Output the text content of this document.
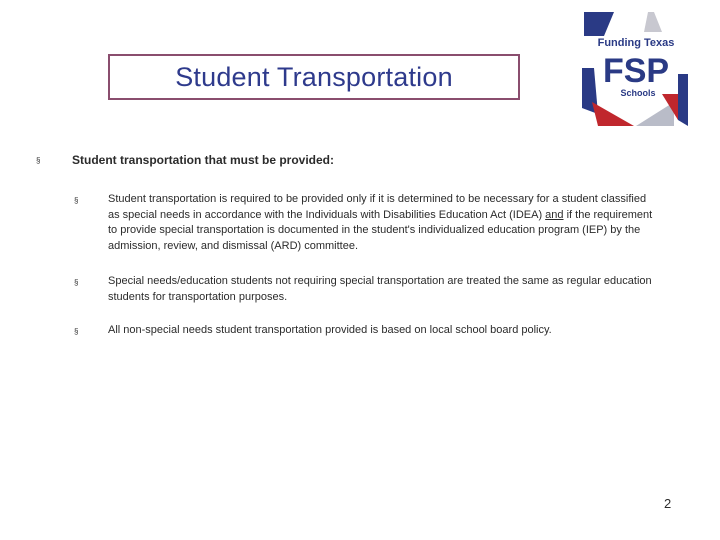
Student Transportation
Funding Texas
FSP
Schools
§	Student transportation that must be provided:
§	Student transportation is required to be provided only if it is determined to be necessary for a student classified as special needs in accordance with the Individuals with Disabilities Education Act (IDEA) and if the requirement to provide special transportation is documented in the student's individualized education program (IEP) by the admission, review, and dismissal (ARD) committee.
§	Special needs/education students not requiring special transportation are treated the same as regular education students for transportation purposes.
§	All non-special needs student transportation provided is based on local school board policy.
2
